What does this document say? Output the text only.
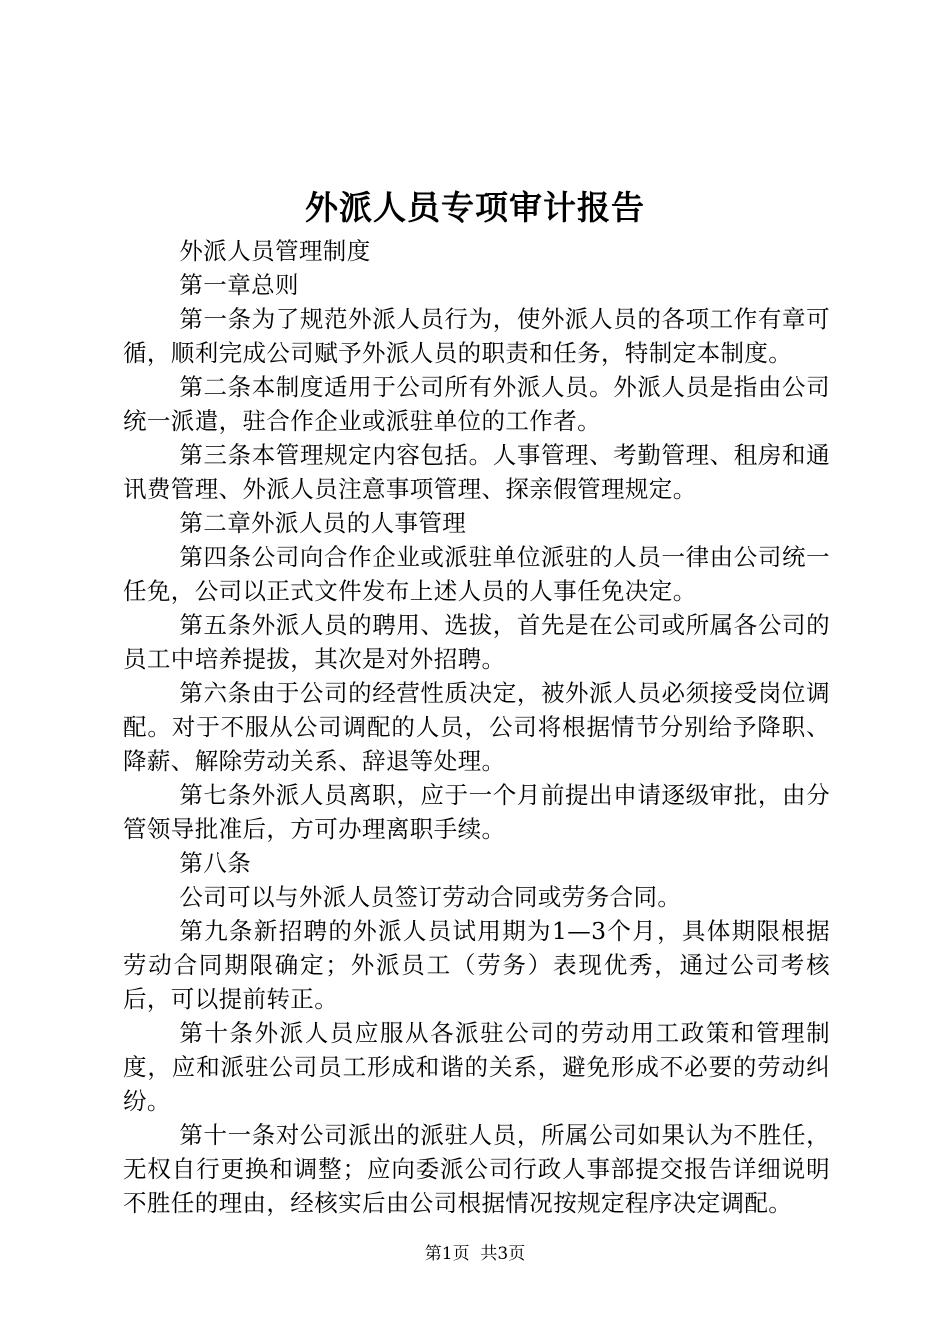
外派人员专项审计报告

外派人员管理制度

第一章总则

第一条为了规范外派人员行为，使外派人员的各项工作有章可循，顺利完成公司赋予外派人员的职责和任务，特制定本制度。

第二条本制度适用于公司所有外派人员。外派人员是指由公司统一派遣，驻合作企业或派驻单位的工作者。

第三条本管理规定内容包括。人事管理、考勤管理、租房和通讯费管理、外派人员注意事项管理、探亲假管理规定。

第二章外派人员的人事管理

第四条公司向合作企业或派驻单位派驻的人员一律由公司统一任免，公司以正式文件发布上述人员的人事任免决定。

第五条外派人员的聘用、选拔，首先是在公司或所属各公司的员工中培养提拔，其次是对外招聘。

第六条由于公司的经营性质决定，被外派人员必须接受岗位调配。对于不服从公司调配的人员，公司将根据情节分别给予降职、降薪、解除劳动关系、辞退等处理。

第七条外派人员离职，应于一个月前提出申请逐级审批，由分管领导批准后，方可办理离职手续。

第八条

公司可以与外派人员签订劳动合同或劳务合同。

第九条新招聘的外派人员试用期为1—3个月，具体期限根据劳动合同期限确定；外派员工（劳务）表现优秀，通过公司考核后，可以提前转正。

第十条外派人员应服从各派驻公司的劳动用工政策和管理制度，应和派驻公司员工形成和谐的关系，避免形成不必要的劳动纠纷。

第十一条对公司派出的派驻人员，所属公司如果认为不胜任，无权自行更换和调整；应向委派公司行政人事部提交报告详细说明不胜任的理由，经核实后由公司根据情况按规定程序决定调配。

第1页  共3页
